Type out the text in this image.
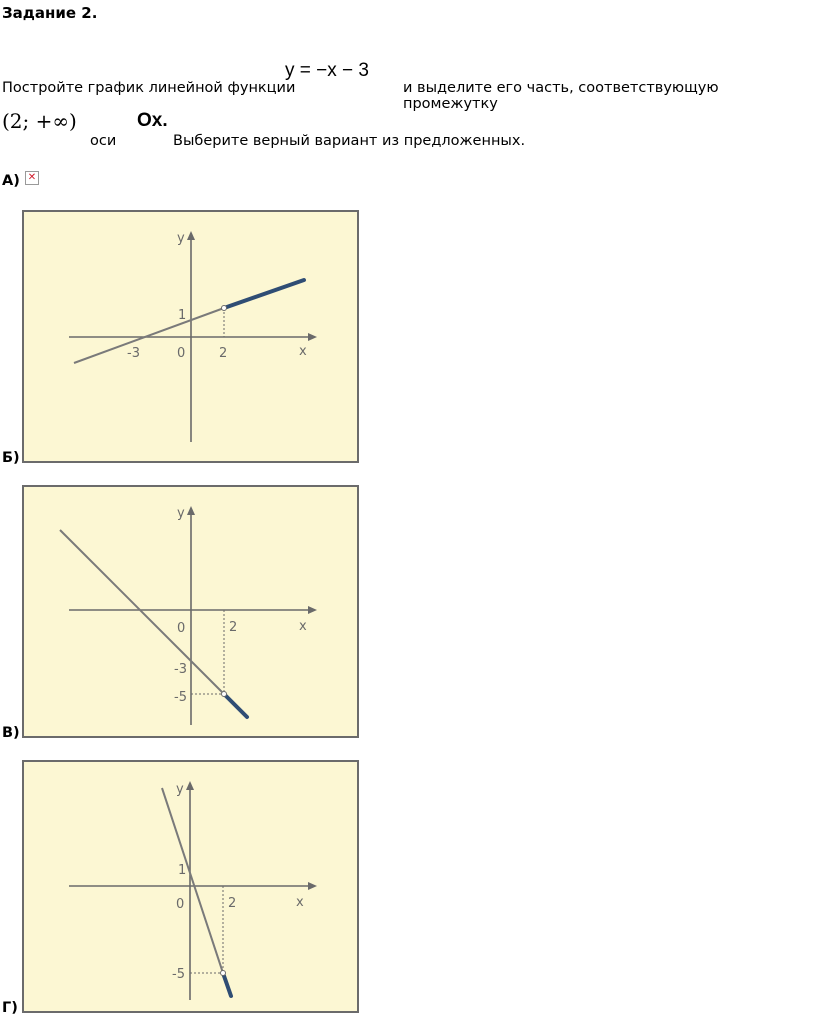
Задание 2.
Постройте график линейной функции
y = −x − 3
и выделите его часть, соответствующую промежутку
(2; +∞)
оси
Ox.
Выберите верный вариант из предложенных.
А) ✕
y
x
0
-3	2
1
Б)
y
x
0	2
-3
-5
В)
y
x
0	2
1
-5
Г)
